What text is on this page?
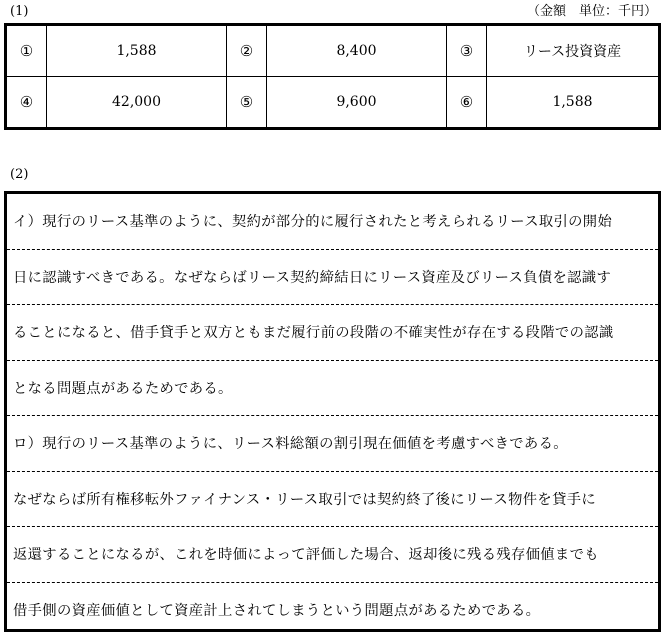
(1)	（金額　単位：千円）
①	1,588	②	8,400	③	リース投資資産
④	42,000	⑤	9,600	⑥	1,588
(2)
イ）現行のリース基準のように、契約が部分的に履行されたと考えられるリース取引の開始
日に認識すべきである。なぜならばリース契約締結日にリース資産及びリース負債を認識す
ることになると、借手貸手と双方ともまだ履行前の段階の不確実性が存在する段階での認識
となる問題点があるためである。
ロ）現行のリース基準のように、リース料総額の割引現在価値を考慮すべきである。
なぜならば所有権移転外ファイナンス・リース取引では契約終了後にリース物件を貸手に
返還することになるが、これを時価によって評価した場合、返却後に残る残存価値までも
借手側の資産価値として資産計上されてしまうという問題点があるためである。
